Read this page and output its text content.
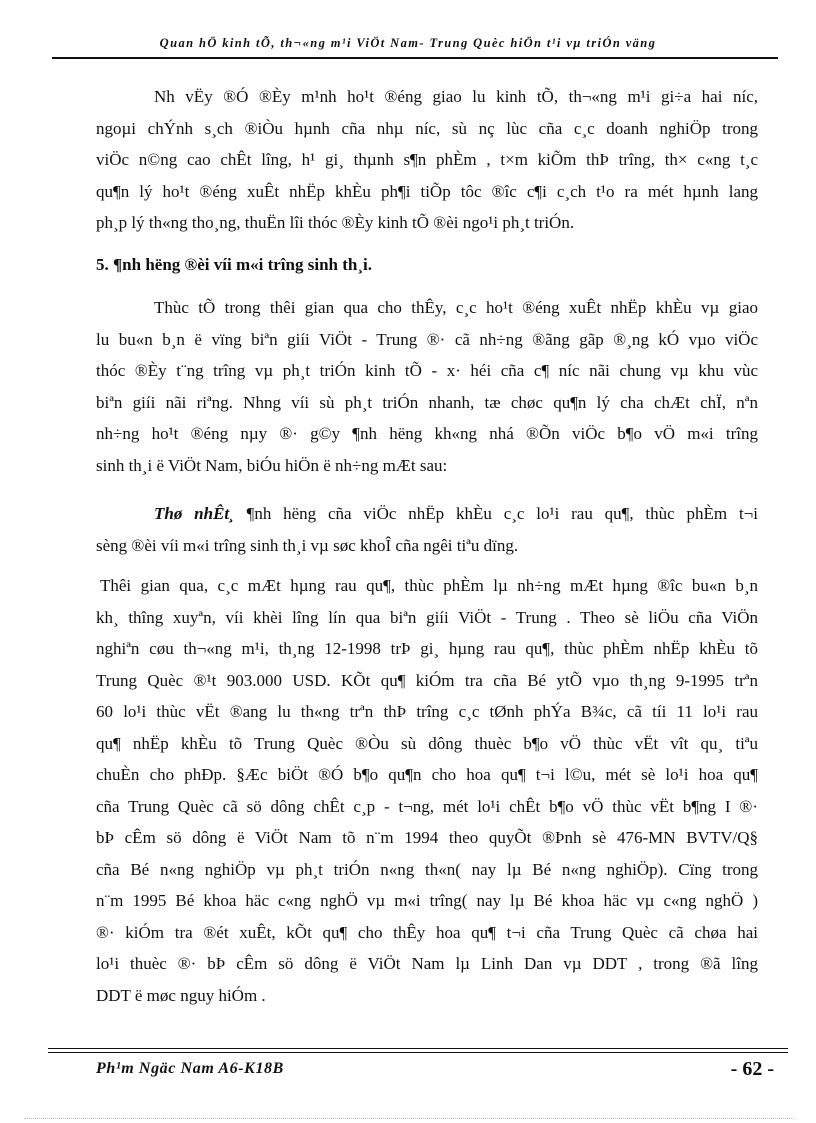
Quan hÖ kinh tÕ, th¬«ng m¹i ViÖt Nam- Trung Quèc hiÖn t¹i vµ triÓn väng

Nh vËy ®Ó ®Èy m¹nh ho¹t ®éng giao lu kinh tÕ, th¬«ng m¹i gi÷a hai níc,
ngoµi chÝnh s¸ch ®iÒu hµnh cña nhµ níc, sù nç lùc cña c¸c doanh nghiÖp trong
viÖc n©ng cao chÊt lîng, h¹ gi¸ thµnh s¶n phÈm , t×m kiÕm thÞ trîng, th× c«ng t¸c
qu¶n lý ho¹t ®éng xuÊt nhËp khÈu ph¶i tiÕp tôc ®îc c¶i c¸ch t¹o ra mét hµnh lang
ph¸p lý th«ng tho¸ng, thuËn lîi thóc ®Èy kinh tÕ ®èi ngo¹i ph¸t triÓn.

5. ¶nh hëng ®èi víi m«i trîng sinh th¸i.

Thùc tÕ trong thêi gian qua cho thÊy, c¸c ho¹t ®éng xuÊt nhËp khÈu vµ giao
lu bu«n b¸n ë vïng biªn giíi ViÖt - Trung ®· cã nh÷ng ®ãng gãp ®¸ng kÓ vµo viÖc
thóc ®Èy t¨ng trîng vµ ph¸t triÓn kinh tÕ - x· héi cña c¶ níc nãi chung vµ khu vùc
biªn giíi nãi riªng. Nhng víi sù ph¸t triÓn nhanh, tæ chøc qu¶n lý cha chÆt chÏ, nªn
nh÷ng ho¹t ®éng nµy ®· g©y ¶nh hëng kh«ng nhá ®Õn viÖc b¶o vÖ m«i trîng
sinh th¸i ë ViÖt Nam, biÓu hiÖn ë nh÷ng mÆt sau:

Thø nhÊt¸ ¶nh hëng cña viÖc nhËp khÈu c¸c lo¹i rau qu¶, thùc phÈm t¬i
sèng ®èi víi m«i trîng sinh th¸i vµ søc khoÎ cña ngêi tiªu dïng.

Thêi gian qua, c¸c mÆt hµng rau qu¶, thùc phÈm lµ nh÷ng mÆt hµng ®îc bu«n b¸n
kh¸ thîng xuyªn, víi khèi lîng lín qua biªn giíi ViÖt - Trung . Theo sè liÖu cña ViÖn
nghiªn cøu th¬«ng m¹i, th¸ng 12-1998 trÞ gi¸ hµng rau qu¶, thùc phÈm nhËp khÈu tõ
Trung Quèc ®¹t 903.000 USD. KÕt qu¶ kiÓm tra cña Bé ytÕ vµo th¸ng 9-1995 trªn
60 lo¹i thùc vËt ®ang lu th«ng trªn thÞ trîng c¸c tØnh phÝa B¾c, cã tíi 11 lo¹i rau
qu¶ nhËp khÈu tõ Trung Quèc ®Òu sù dông thuèc b¶o vÖ thùc vËt vît qu¸ tiªu
chuÈn cho phÐp. §Æc biÖt ®Ó b¶o qu¶n cho hoa qu¶ t¬i l©u, mét sè lo¹i hoa qu¶
cña Trung Quèc cã sö dông chÊt c¸p - t¬ng, mét lo¹i chÊt b¶o vÖ thùc vËt b¶ng I ®·
bÞ cÊm sö dông ë ViÖt Nam tõ n¨m 1994 theo quyÕt ®Þnh sè 476-MN BVTV/Q§
cña Bé n«ng nghiÖp vµ ph¸t triÓn n«ng th«n( nay lµ Bé n«ng nghiÖp). Cïng trong
n¨m 1995 Bé khoa häc c«ng nghÖ vµ m«i trîng( nay lµ Bé khoa häc vµ c«ng nghÖ )
®· kiÓm tra ®ét xuÊt, kÕt qu¶ cho thÊy hoa qu¶ t¬i cña Trung Quèc cã chøa hai
lo¹i thuèc ®· bÞ cÊm sö dông ë ViÖt Nam lµ Linh Dan vµ DDT , trong ®ã lîng
DDT ë møc nguy hiÓm .

Ph¹m Ngäc Nam A6-K18B	- 62 -
